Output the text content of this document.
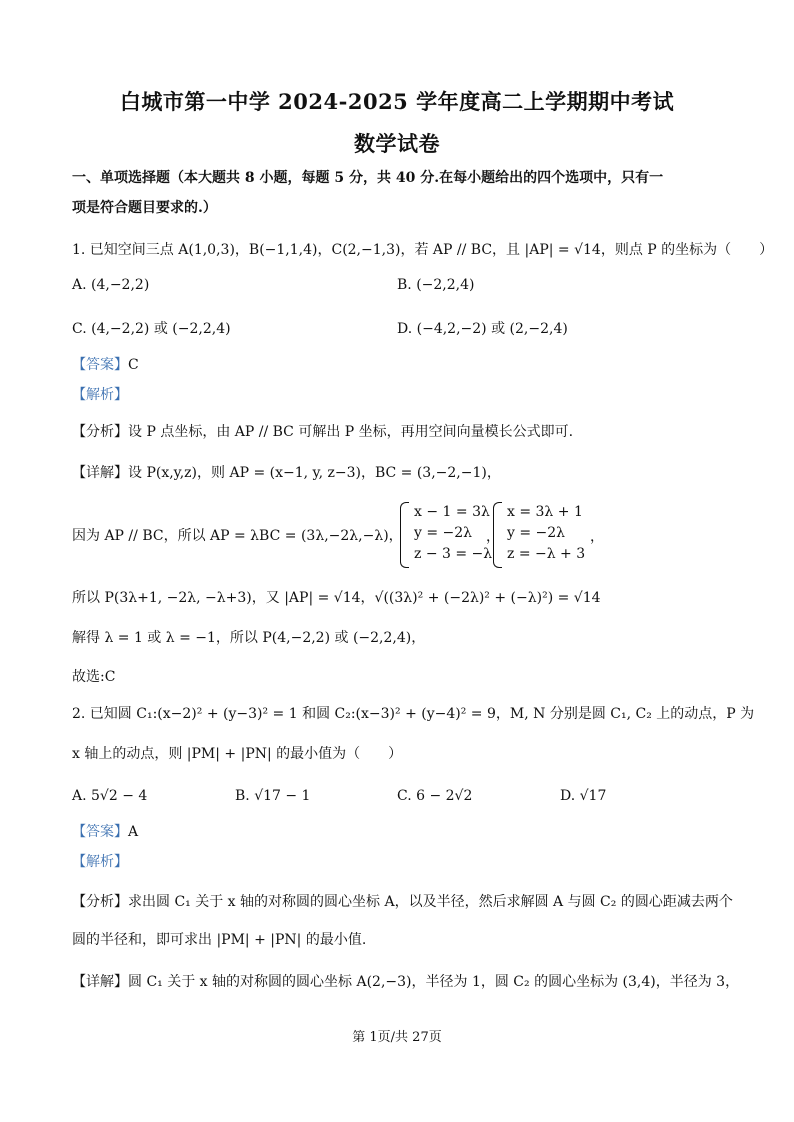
白城市第一中学 2024-2025 学年度高二上学期期中考试
数学试卷
一、单项选择题（本大题共 8 小题，每题 5 分，共 40 分.在每小题给出的四个选项中，只有一
项是符合题目要求的.）
1. 已知空间三点 A(1,0,3)，B(−1,1,4)，C(2,−1,3)，若 AP // BC，且 |AP| = √14，则点 P 的坐标为（　　）
A. (4,−2,2)	B. (−2,2,4)
C. (4,−2,2) 或 (−2,2,4)	D. (−4,2,−2) 或 (2,−2,4)
【答案】C
【解析】
【分析】设 P 点坐标，由 AP // BC 可解出 P 坐标，再用空间向量模长公式即可.
【详解】设 P(x,y,z)，则 AP = (x−1, y, z−3)，BC = (3,−2,−1)，
因为 AP // BC，所以 AP = λBC = (3λ,−2λ,−λ)，
x − 1 = 3λ
y = −2λ
z − 3 = −λ
，
x = 3λ + 1
y = −2λ
z = −λ + 3
，
所以 P(3λ+1, −2λ, −λ+3)，又 |AP| = √14，√((3λ)² + (−2λ)² + (−λ)²) = √14
解得 λ = 1 或 λ = −1，所以 P(4,−2,2) 或 (−2,2,4)，
故选:C
2. 已知圆 C₁:(x−2)² + (y−3)² = 1 和圆 C₂:(x−3)² + (y−4)² = 9，M, N 分别是圆 C₁, C₂ 上的动点，P 为
x 轴上的动点，则 |PM| + |PN| 的最小值为（　　）
A. 5√2 − 4	B. √17 − 1	C. 6 − 2√2	D. √17
【答案】A
【解析】
【分析】求出圆 C₁ 关于 x 轴的对称圆的圆心坐标 A，以及半径，然后求解圆 A 与圆 C₂ 的圆心距减去两个
圆的半径和，即可求出 |PM| + |PN| 的最小值.
【详解】圆 C₁ 关于 x 轴的对称圆的圆心坐标 A(2,−3)，半径为 1，圆 C₂ 的圆心坐标为 (3,4)，半径为 3，
第 1页/共 27页
